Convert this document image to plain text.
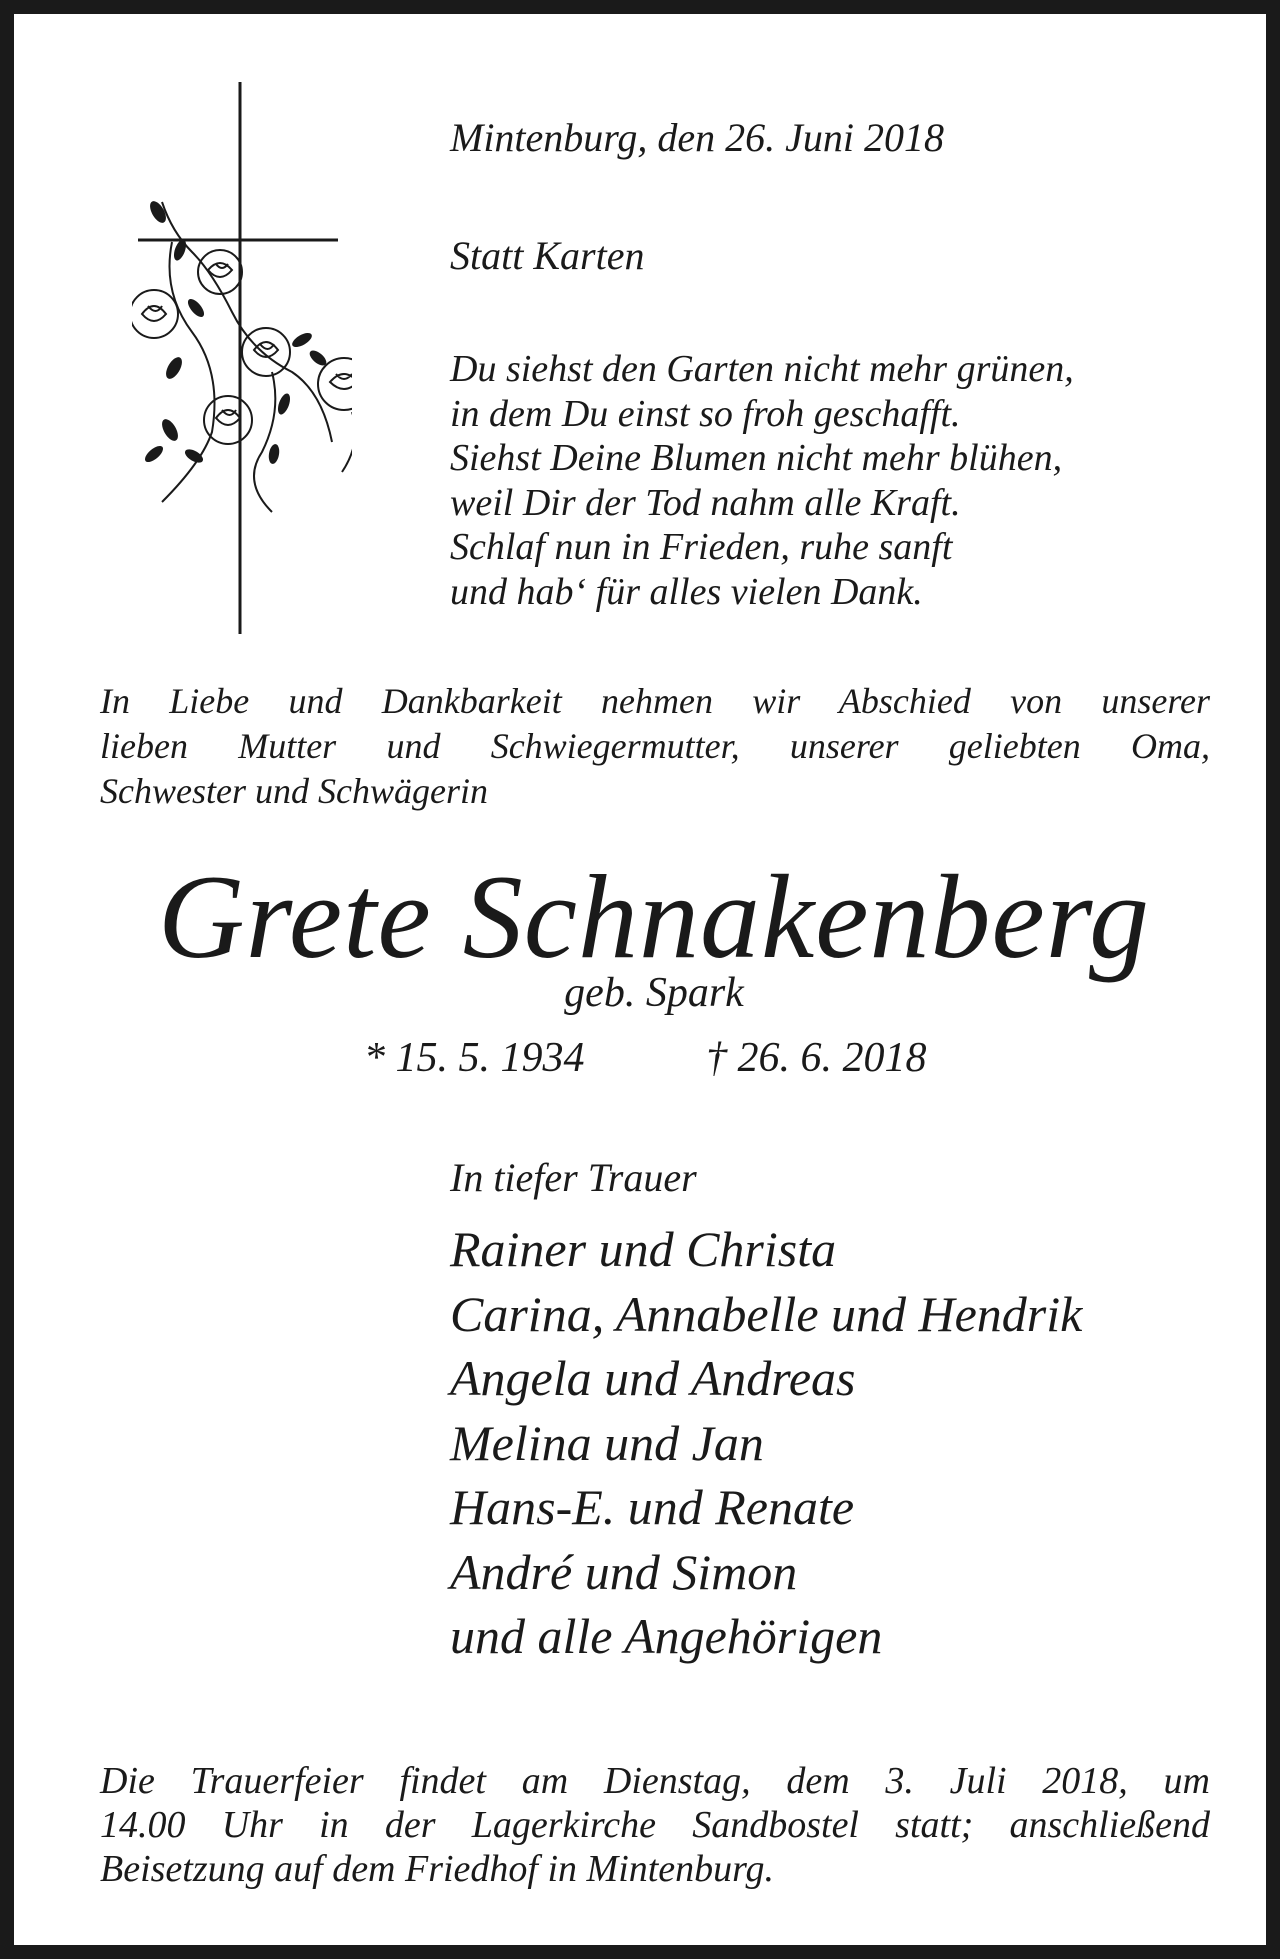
Mintenburg, den 26. Juni 2018

Statt Karten

Du siehst den Garten nicht mehr grünen,
in dem Du einst so froh geschafft.
Siehst Deine Blumen nicht mehr blühen,
weil Dir der Tod nahm alle Kraft.
Schlaf nun in Frieden, ruhe sanft
und hab‘ für alles vielen Dank.
In Liebe und Dankbarkeit nehmen wir Abschied von unserer
lieben Mutter und Schwiegermutter, unserer geliebten Oma,
Schwester und Schwägerin

Grete Schnakenberg

geb. Spark

* 15. 5. 1934	† 26. 6. 2018

In tiefer Trauer

Rainer und Christa
Carina, Annabelle und Hendrik
Angela und Andreas
Melina und Jan
Hans-E. und Renate
André und Simon
und alle Angehörigen
Die Trauerfeier findet am Dienstag, dem 3. Juli 2018, um
14.00 Uhr in der Lagerkirche Sandbostel statt; anschließend
Beisetzung auf dem Friedhof in Mintenburg.
